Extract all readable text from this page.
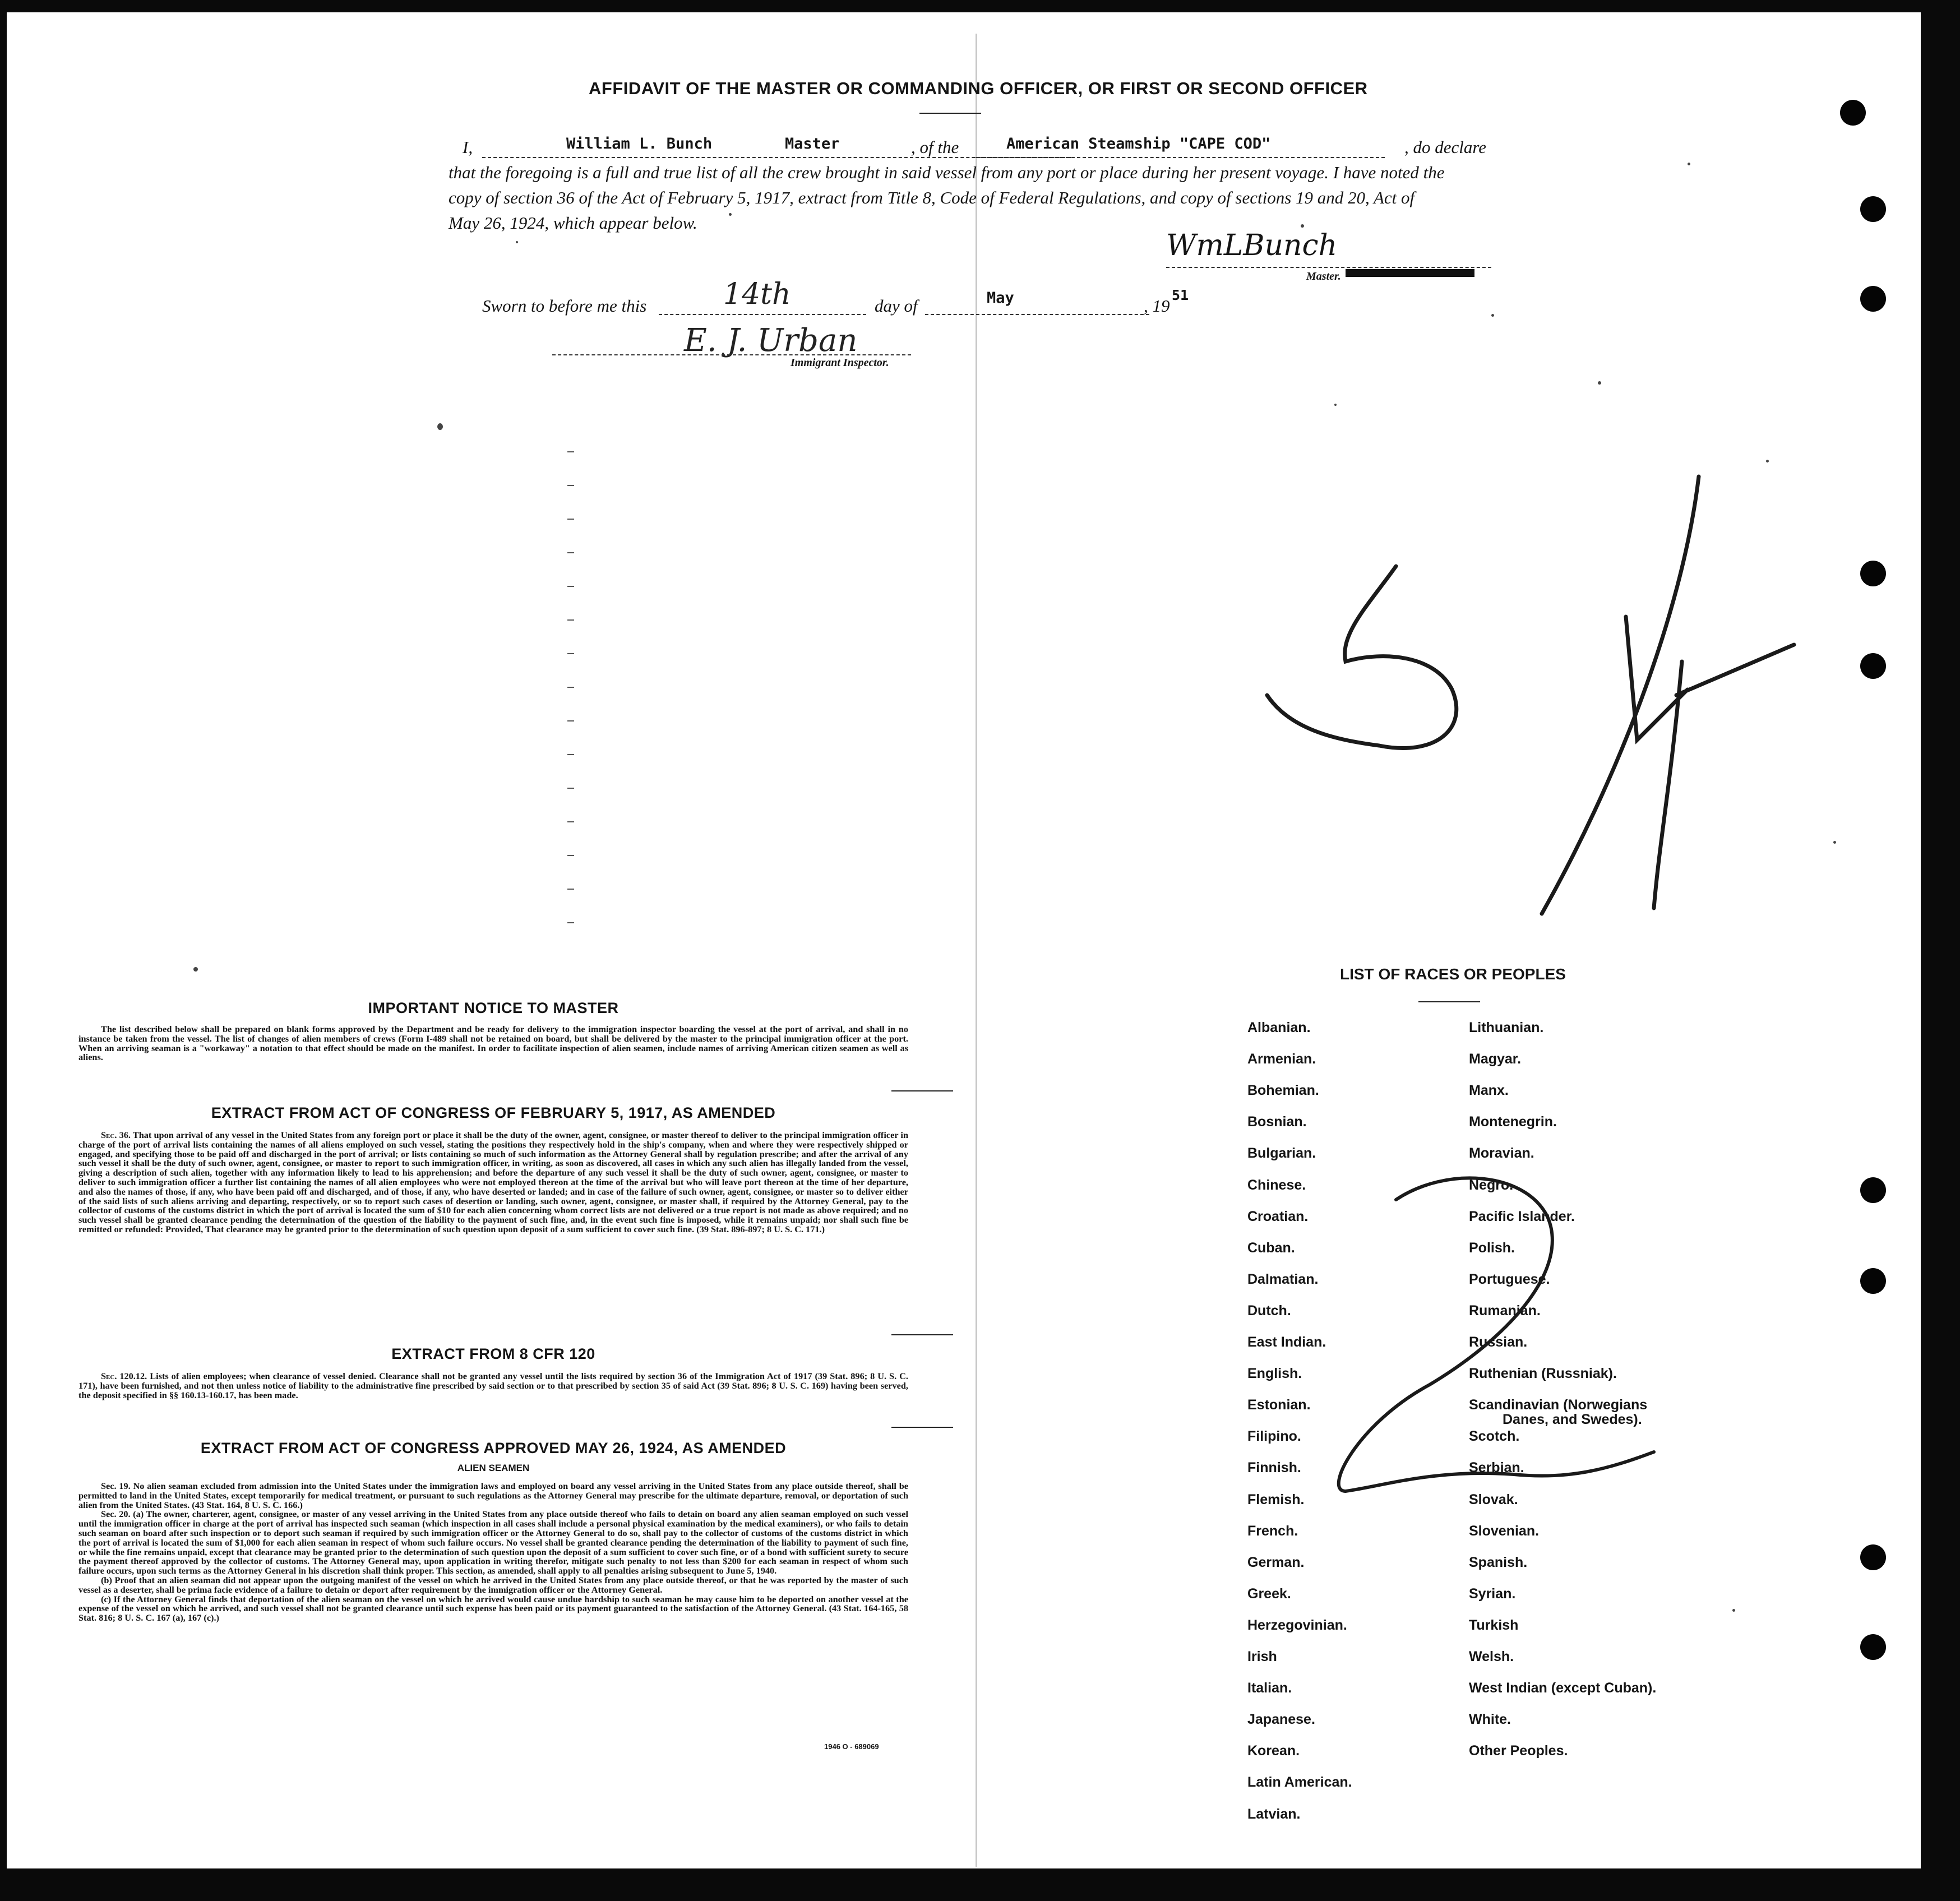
AFFIDAVIT OF THE MASTER OR COMMANDING OFFICER, OR FIRST OR SECOND OFFICER
I,	William L. Bunch	Master	, of the	American Steamship "CAPE COD"	, do declare
that the foregoing is a full and true list of all the crew brought in said vessel from any port or place during her present voyage. I have noted the
copy of section 36 of the Act of February 5, 1917, extract from Title 8, Code of Federal Regulations, and copy of sections 19 and 20, Act of
May 26, 1924, which appear below.
WmLBunch
Master.
Sworn to before me this	14th	day of	May	, 19
51
E. J. Urban
Immigrant Inspector.
IMPORTANT NOTICE TO MASTER
The list described below shall be prepared on blank forms approved by the Department and be ready for delivery to the immigration inspector boarding the vessel at the port of arrival, and shall in no instance be taken from the vessel. The list of changes of alien members of crews (Form I-489 shall not be retained on board, but shall be delivered by the master to the principal immigration officer at the port. When an arriving seaman is a "workaway" a notation to that effect should be made on the manifest. In order to facilitate inspection of alien seamen, include names of arriving American citizen seamen as well as aliens.
EXTRACT FROM ACT OF CONGRESS OF FEBRUARY 5, 1917, AS AMENDED
Sec. 36. That upon arrival of any vessel in the United States from any foreign port or place it shall be the duty of the owner, agent, consignee, or master thereof to deliver to the principal immigration officer in charge of the port of arrival lists containing the names of all aliens employed on such vessel, stating the positions they respectively hold in the ship's company, when and where they were respectively shipped or engaged, and specifying those to be paid off and discharged in the port of arrival; or lists containing so much of such information as the Attorney General shall by regulation prescribe; and after the arrival of any such vessel it shall be the duty of such owner, agent, consignee, or master to report to such immigration officer, in writing, as soon as discovered, all cases in which any such alien has illegally landed from the vessel, giving a description of such alien, together with any information likely to lead to his apprehension; and before the departure of any such vessel it shall be the duty of such owner, agent, consignee, or master to deliver to such immigration officer a further list containing the names of all alien employees who were not employed thereon at the time of the arrival but who will leave port thereon at the time of her departure, and also the names of those, if any, who have been paid off and discharged, and of those, if any, who have deserted or landed; and in case of the failure of such owner, agent, consignee, or master so to deliver either of the said lists of such aliens arriving and departing, respectively, or so to report such cases of desertion or landing, such owner, agent, consignee, or master shall, if required by the Attorney General, pay to the collector of customs of the customs district in which the port of arrival is located the sum of $10 for each alien concerning whom correct lists are not delivered or a true report is not made as above required; and no such vessel shall be granted clearance pending the determination of the question of the liability to the payment of such fine, and, in the event such fine is imposed, while it remains unpaid; nor shall such fine be remitted or refunded: Provided, That clearance may be granted prior to the determination of such question upon deposit of a sum sufficient to cover such fine. (39 Stat. 896-897; 8 U. S. C. 171.)
EXTRACT FROM 8 CFR 120
Sec. 120.12. Lists of alien employees; when clearance of vessel denied. Clearance shall not be granted any vessel until the lists required by section 36 of the Immigration Act of 1917 (39 Stat. 896; 8 U. S. C. 171), have been furnished, and not then unless notice of liability to the administrative fine prescribed by said section or to that prescribed by section 35 of said Act (39 Stat. 896; 8 U. S. C. 169) having been served, the deposit specified in §§ 160.13-160.17, has been made.
EXTRACT FROM ACT OF CONGRESS APPROVED MAY 26, 1924, AS AMENDED
ALIEN SEAMEN
Sec. 19. No alien seaman excluded from admission into the United States under the immigration laws and employed on board any vessel arriving in the United States from any place outside thereof, shall be permitted to land in the United States, except temporarily for medical treatment, or pursuant to such regulations as the Attorney General may prescribe for the ultimate departure, removal, or deportation of such alien from the United States. (43 Stat. 164, 8 U. S. C. 166.)
Sec. 20. (a) The owner, charterer, agent, consignee, or master of any vessel arriving in the United States from any place outside thereof who fails to detain on board any alien seaman employed on such vessel until the immigration officer in charge at the port of arrival has inspected such seaman (which inspection in all cases shall include a personal physical examination by the medical examiners), or who fails to detain such seaman on board after such inspection or to deport such seaman if required by such immigration officer or the Attorney General to do so, shall pay to the collector of customs of the customs district in which the port of arrival is located the sum of $1,000 for each alien seaman in respect of whom such failure occurs. No vessel shall be granted clearance pending the determination of the liability to payment of such fine, or while the fine remains unpaid, except that clearance may be granted prior to the determination of such question upon the deposit of a sum sufficient to cover such fine, or of a bond with sufficient surety to secure the payment thereof approved by the collector of customs. The Attorney General may, upon application in writing therefor, mitigate such penalty to not less than $200 for each seaman in respect of whom such failure occurs, upon such terms as the Attorney General in his discretion shall think proper. This section, as amended, shall apply to all penalties arising subsequent to June 5, 1940.
(b) Proof that an alien seaman did not appear upon the outgoing manifest of the vessel on which he arrived in the United States from any place outside thereof, or that he was reported by the master of such vessel as a deserter, shall be prima facie evidence of a failure to detain or deport after requirement by the immigration officer or the Attorney General.
(c) If the Attorney General finds that deportation of the alien seaman on the vessel on which he arrived would cause undue hardship to such seaman he may cause him to be deported on another vessel at the expense of the vessel on which he arrived, and such vessel shall not be granted clearance until such expense has been paid or its payment guaranteed to the satisfaction of the Attorney General. (43 Stat. 164-165, 58 Stat. 816; 8 U. S. C. 167 (a), 167 (c).)
1946 O - 689069
LIST OF RACES OR PEOPLES
Albanian.
Armenian.
Bohemian.
Bosnian.
Bulgarian.
Chinese.
Croatian.
Cuban.
Dalmatian.
Dutch.
East Indian.
English.
Estonian.
Filipino.
Finnish.
Flemish.
French.
German.
Greek.
Herzegovinian.
Irish
Italian.
Japanese.
Korean.
Latin American.
Latvian.
Lithuanian.
Magyar.
Manx.
Montenegrin.
Moravian.
Negro.
Pacific Islander.
Polish.
Portuguese.
Rumanian.
Russian.
Ruthenian (Russniak).
Scandinavian (Norwegians
Danes, and Swedes).
Scotch.
Serbian.
Slovak.
Slovenian.
Spanish.
Syrian.
Turkish
Welsh.
West Indian (except Cuban).
White.
Other Peoples.
